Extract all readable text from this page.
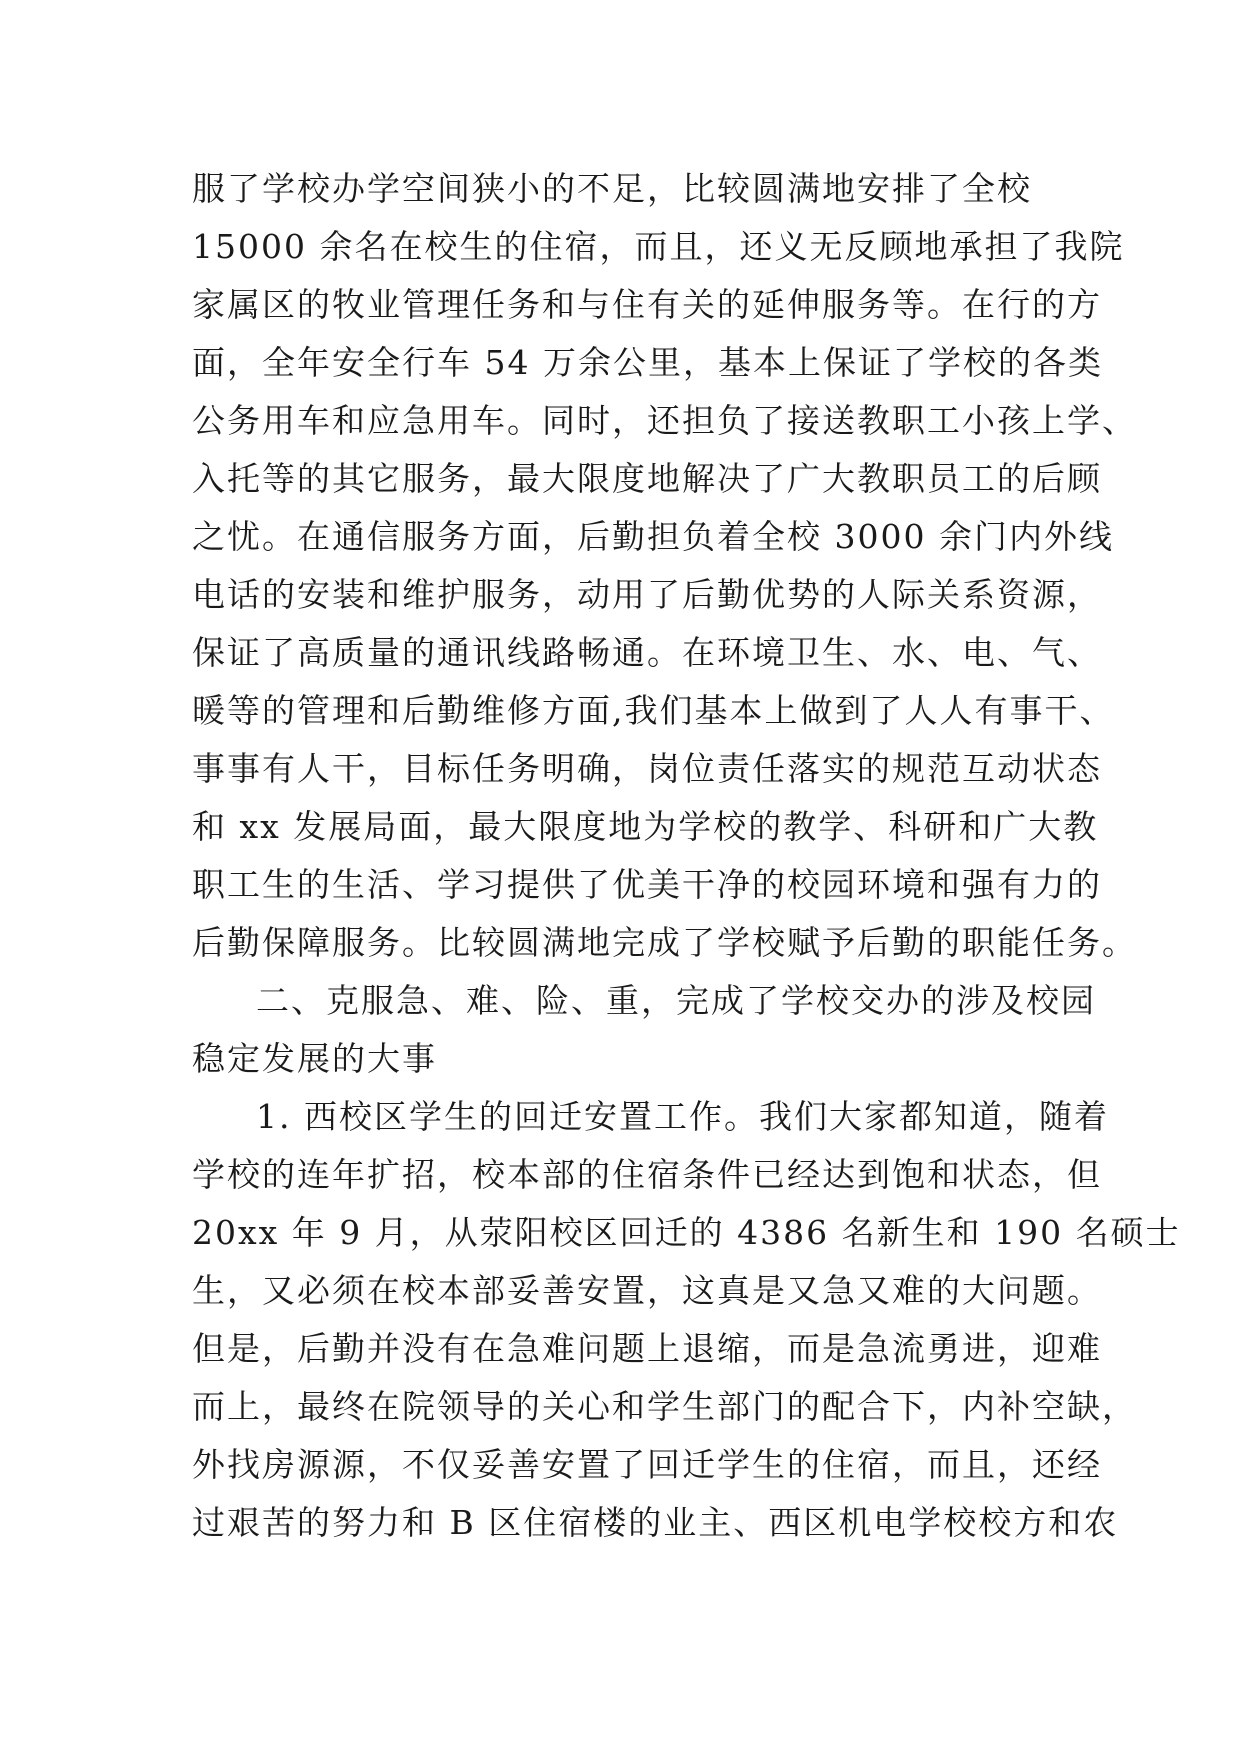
服了学校办学空间狭小的不足，比较圆满地安排了全校
15000 余名在校生的住宿，而且，还义无反顾地承担了我院
家属区的牧业管理任务和与住有关的延伸服务等。在行的方
面，全年安全行车 54 万余公里，基本上保证了学校的各类
公务用车和应急用车。同时，还担负了接送教职工小孩上学、
入托等的其它服务，最大限度地解决了广大教职员工的后顾
之忧。在通信服务方面，后勤担负着全校 3000 余门内外线
电话的安装和维护服务，动用了后勤优势的人际关系资源，
保证了高质量的通讯线路畅通。在环境卫生、水、电、气、
暖等的管理和后勤维修方面,我们基本上做到了人人有事干、
事事有人干，目标任务明确，岗位责任落实的规范互动状态
和 xx 发展局面，最大限度地为学校的教学、科研和广大教
职工生的生活、学习提供了优美干净的校园环境和强有力的
后勤保障服务。比较圆满地完成了学校赋予后勤的职能任务。
二、克服急、难、险、重，完成了学校交办的涉及校园
稳定发展的大事
1. 西校区学生的回迁安置工作。我们大家都知道，随着
学校的连年扩招，校本部的住宿条件已经达到饱和状态，但
20xx 年 9 月，从荥阳校区回迁的 4386 名新生和 190 名硕士
生，又必须在校本部妥善安置，这真是又急又难的大问题。
但是，后勤并没有在急难问题上退缩，而是急流勇进，迎难
而上，最终在院领导的关心和学生部门的配合下，内补空缺，
外找房源源，不仅妥善安置了回迁学生的住宿，而且，还经
过艰苦的努力和 B 区住宿楼的业主、西区机电学校校方和农
